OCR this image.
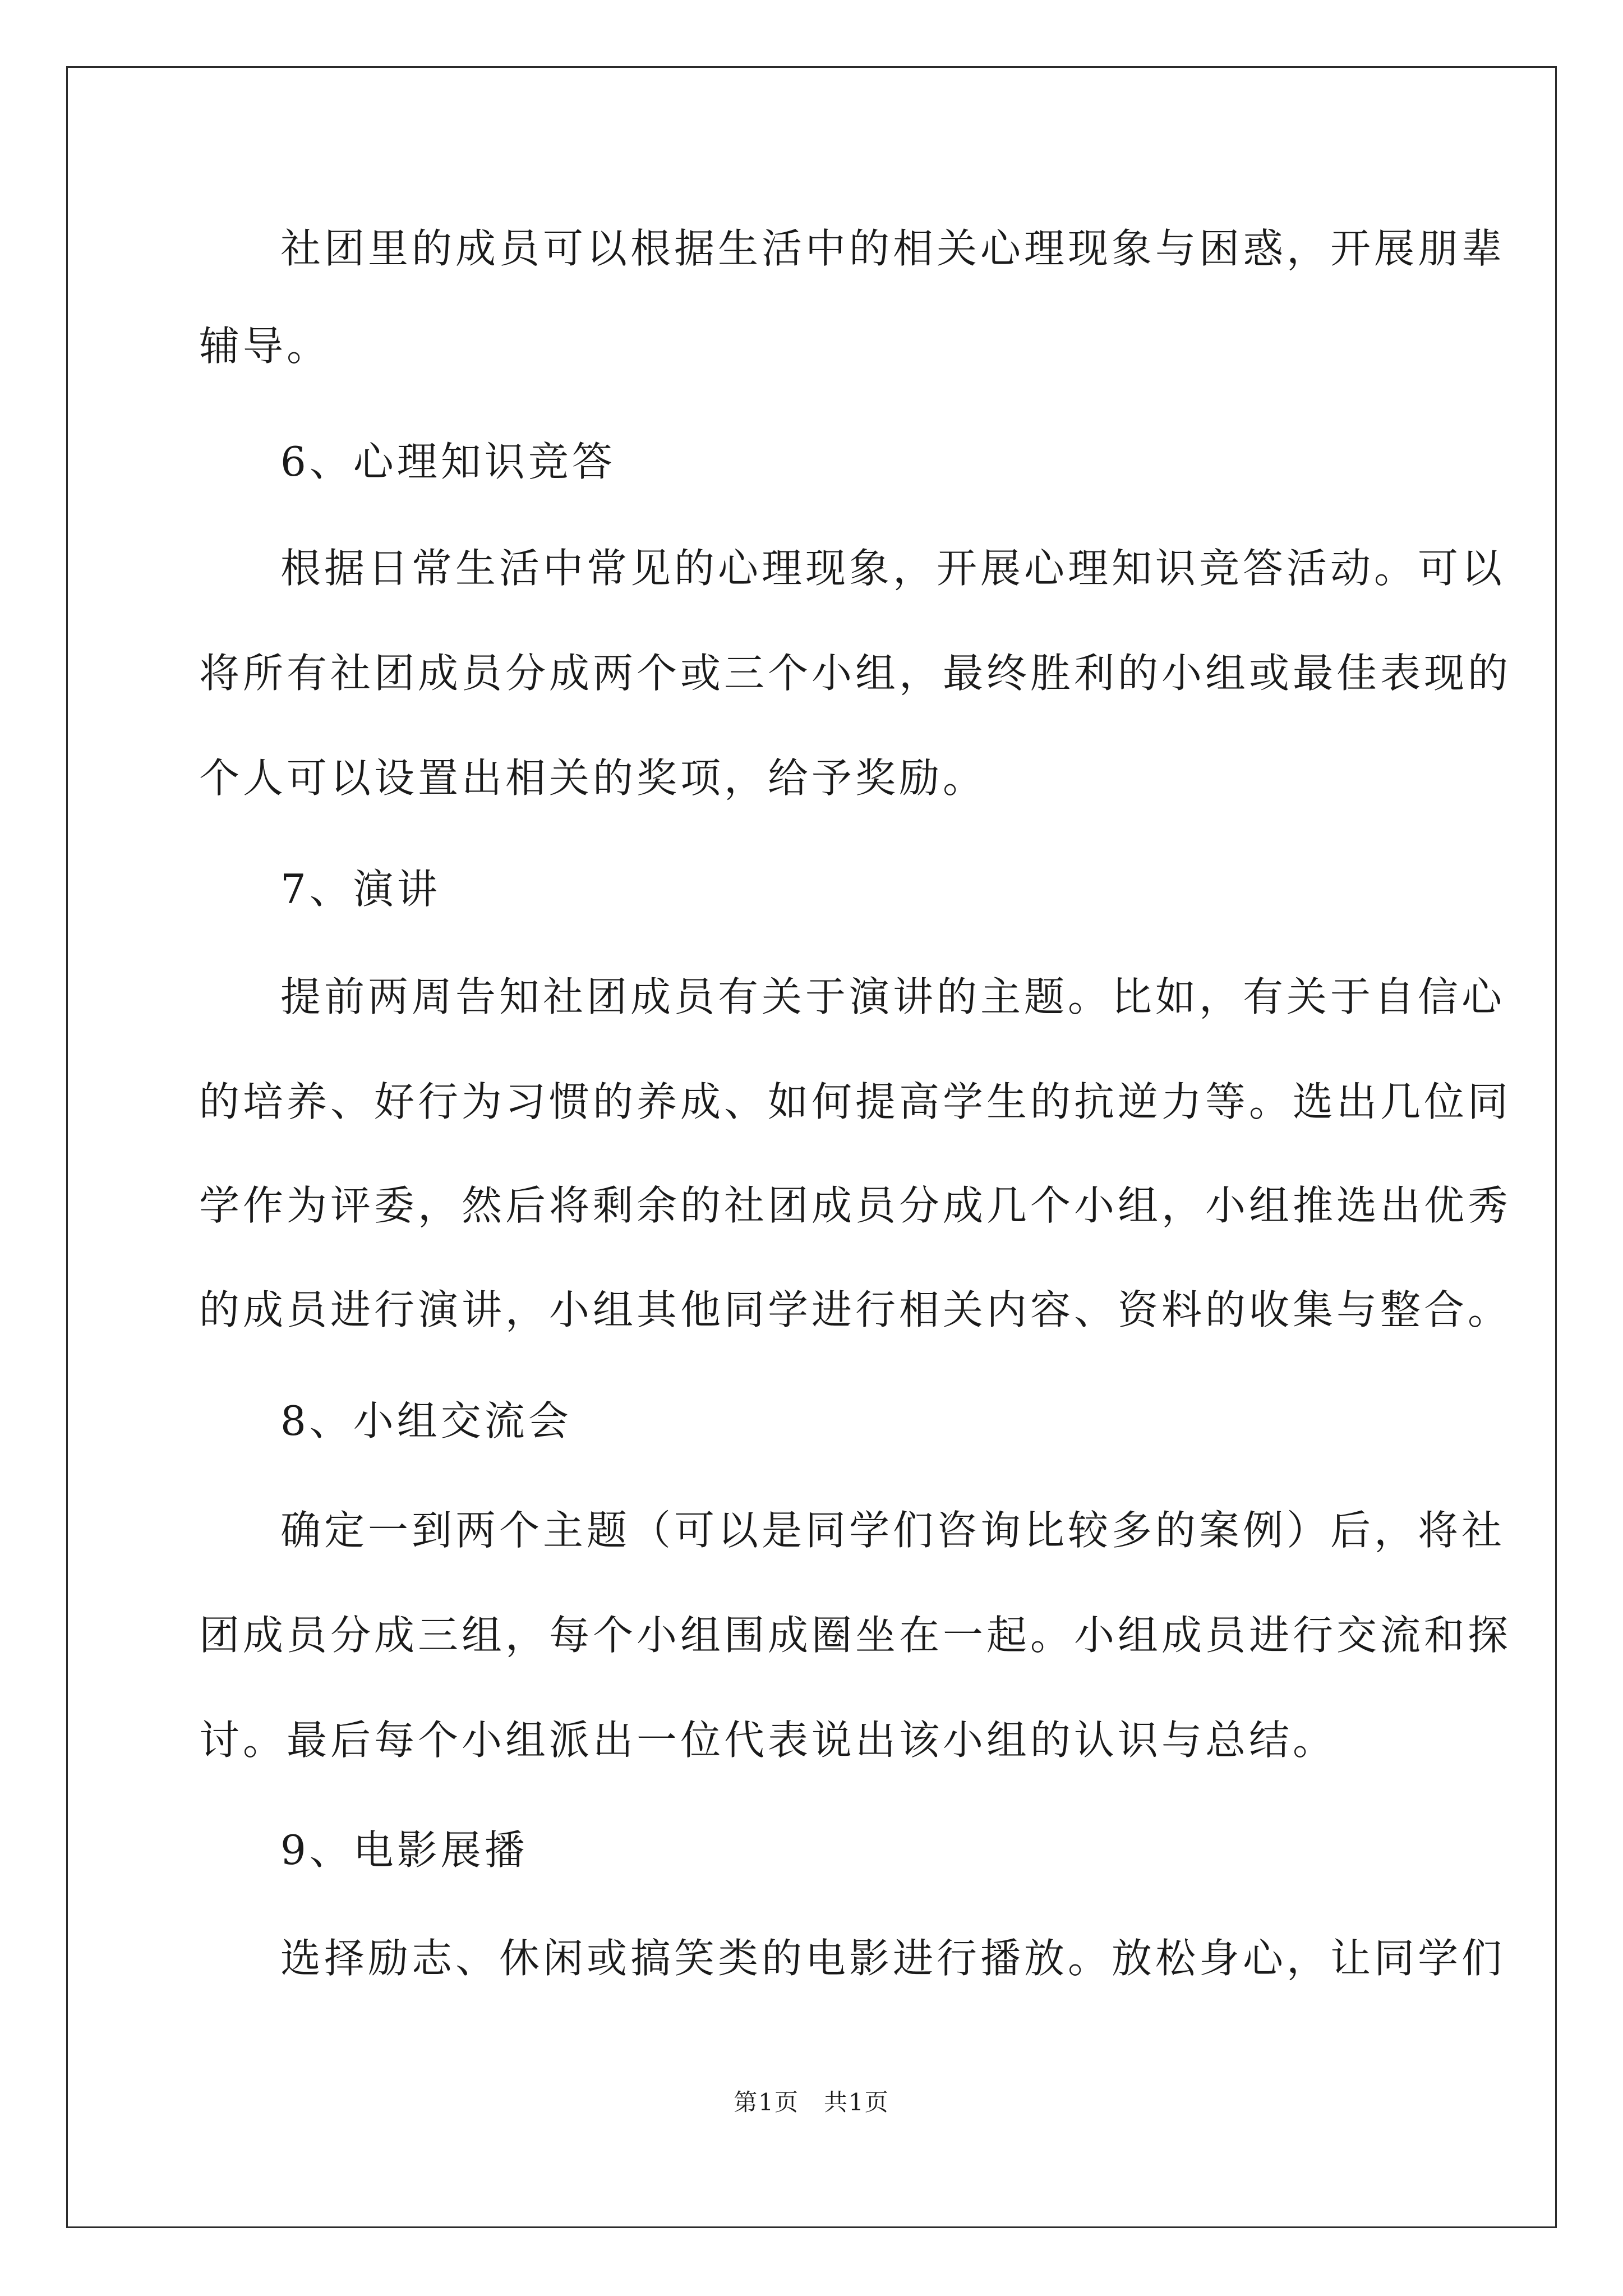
社团里的成员可以根据生活中的相关心理现象与困惑，开展朋辈
辅导。
6、心理知识竞答
根据日常生活中常见的心理现象，开展心理知识竞答活动。可以
将所有社团成员分成两个或三个小组，最终胜利的小组或最佳表现的
个人可以设置出相关的奖项，给予奖励。
7、演讲
提前两周告知社团成员有关于演讲的主题。比如，有关于自信心
的培养、好行为习惯的养成、如何提高学生的抗逆力等。选出几位同
学作为评委，然后将剩余的社团成员分成几个小组，小组推选出优秀
的成员进行演讲，小组其他同学进行相关内容、资料的收集与整合。
8、小组交流会
确定一到两个主题（可以是同学们咨询比较多的案例）后，将社
团成员分成三组，每个小组围成圈坐在一起。小组成员进行交流和探
讨。最后每个小组派出一位代表说出该小组的认识与总结。
9、电影展播
选择励志、休闲或搞笑类的电影进行播放。放松身心，让同学们
第1页　共1页
